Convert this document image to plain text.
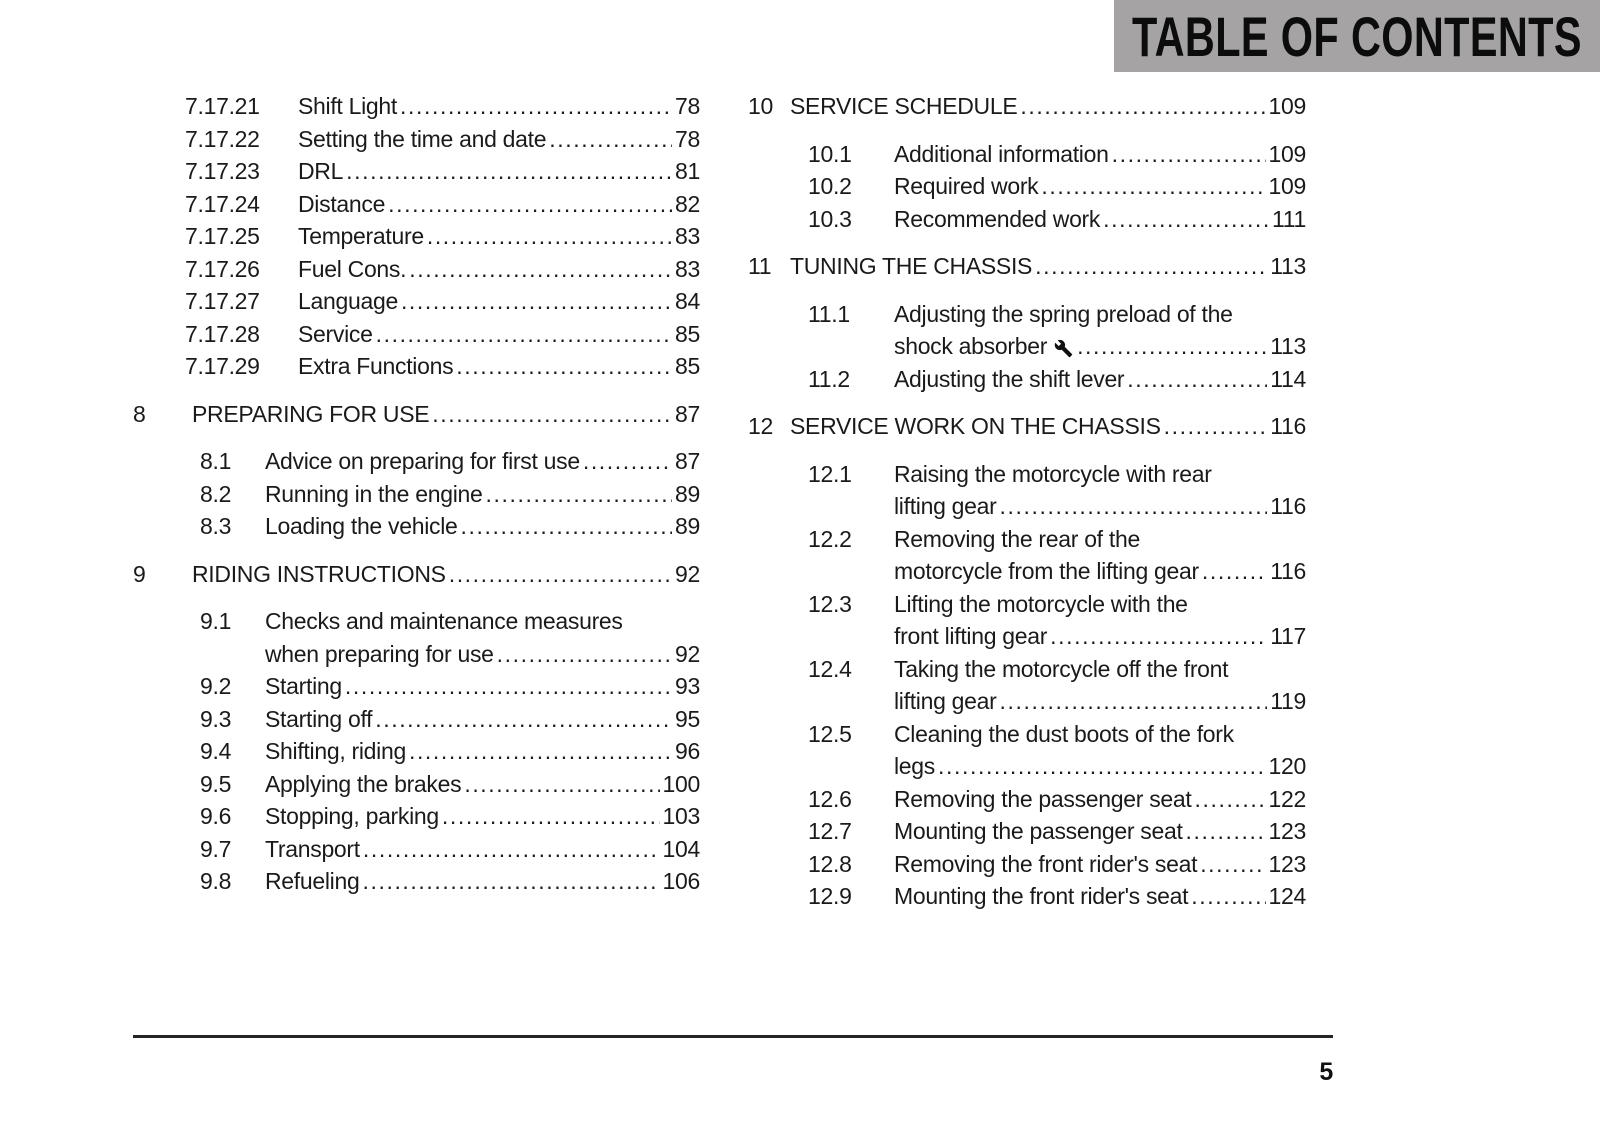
TABLE OF CONTENTS
7.17.21	Shift Light .....	78
7.17.22	Setting the time and date .....	78
7.17.23	DRL .....	81
7.17.24	Distance .....	82
7.17.25	Temperature .....	83
7.17.26	Fuel Cons. .....	83
7.17.27	Language .....	84
7.17.28	Service .....	85
7.17.29	Extra Functions .....	85
8	PREPARING FOR USE .....	87
8.1	Advice on preparing for first use .....	87
8.2	Running in the engine .....	89
8.3	Loading the vehicle .....	89
9	RIDING INSTRUCTIONS .....	92
9.1	Checks and maintenance measures
when preparing for use .....	92
9.2	Starting .....	93
9.3	Starting off .....	95
9.4	Shifting, riding .....	96
9.5	Applying the brakes .....	100
9.6	Stopping, parking .....	103
9.7	Transport .....	104
9.8	Refueling .....	106
10 SERVICE SCHEDULE .....	109
10.1	Additional information .....	109
10.2	Required work .....	109
10.3	Recommended work .....	111
11 TUNING THE CHASSIS .....	113
11.1	Adjusting the spring preload of the
shock absorber .....	113
11.2	Adjusting the shift lever .....	114
12 SERVICE WORK ON THE CHASSIS .....	116
12.1	Raising the motorcycle with rear
lifting gear .....	116
12.2	Removing the rear of the
motorcycle from the lifting gear .....	116
12.3	Lifting the motorcycle with the
front lifting gear .....	117
12.4	Taking the motorcycle off the front
lifting gear .....	119
12.5	Cleaning the dust boots of the fork
legs .....	120
12.6	Removing the passenger seat .....	122
12.7	Mounting the passenger seat .....	123
12.8	Removing the front rider's seat .....	123
12.9	Mounting the front rider's seat .....	124
5
